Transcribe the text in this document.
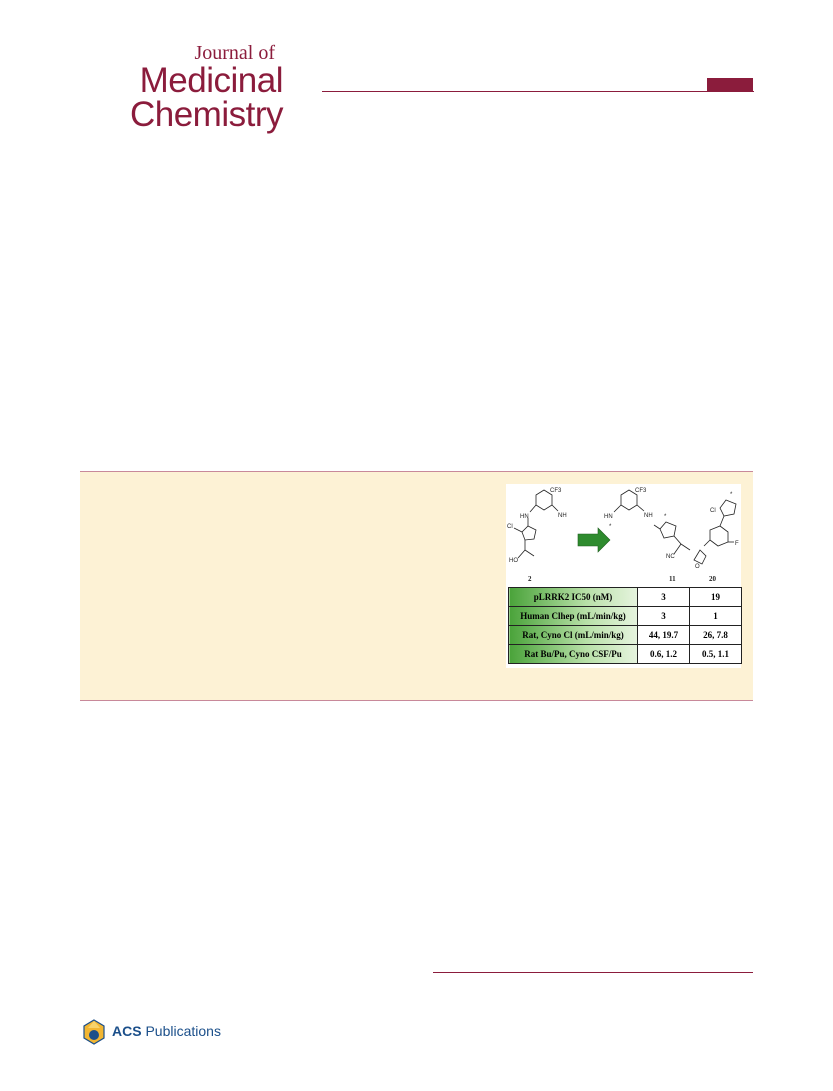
Journal of
Medicinal
Chemistry
CF3
HN	NH
Cl
HO
CF3
HN	NH
*
*
NC
*
Cl
F
O
2	11	20
pLRRK2 IC50 (nM)	3	19
Human Clhep (mL/min/kg)	3	1
Rat, Cyno Cl (mL/min/kg)	44, 19.7	26, 7.8
Rat Bu/Pu, Cyno CSF/Pu	0.6, 1.2	0.5, 1.1
ACS Publications
